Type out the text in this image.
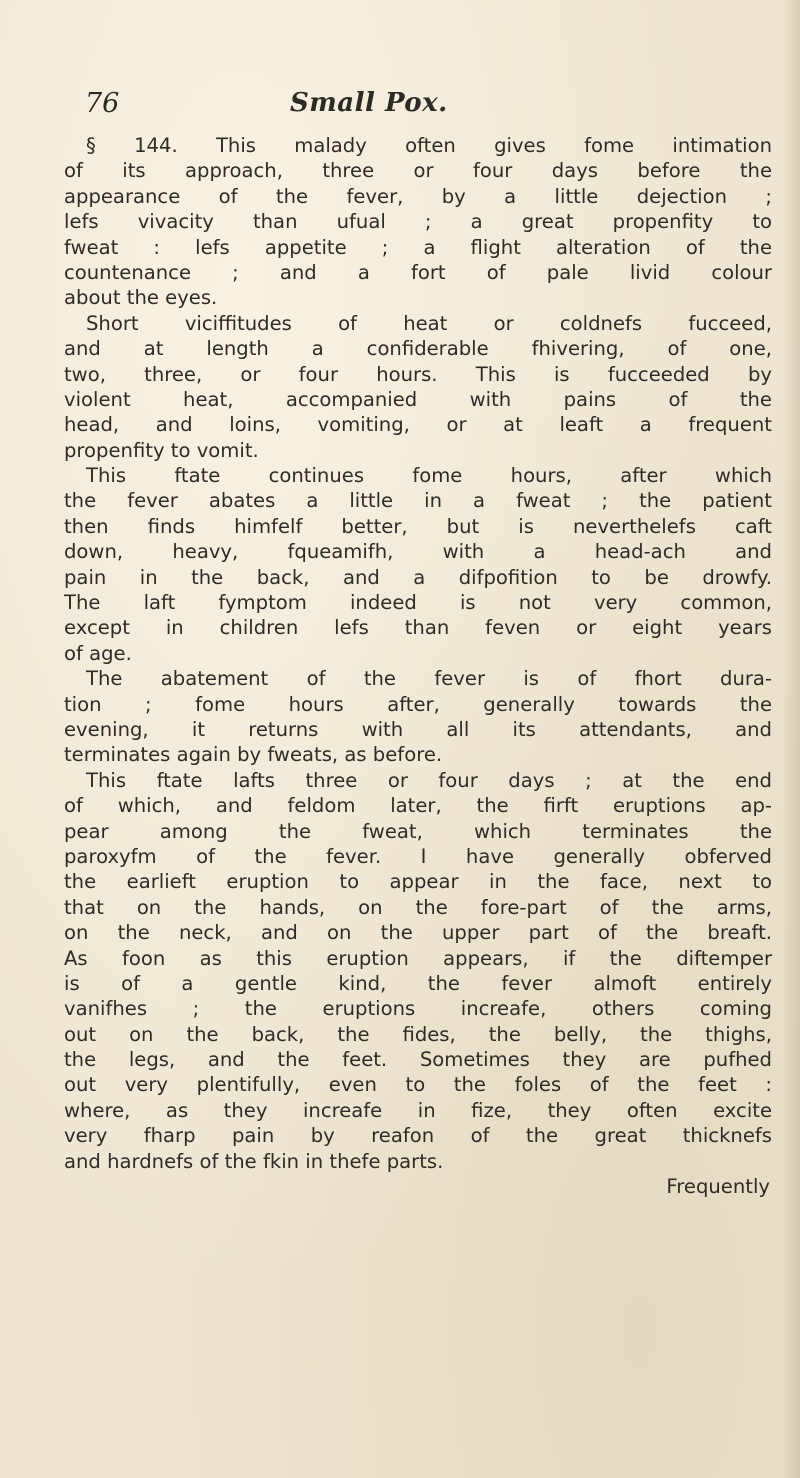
76	Small Pox.
§ 144. This malady often gives fome intimation
of its approach, three or four days before the
appearance of the fever, by a little dejection ;
lefs vivacity than ufual ; a great propenfity to
fweat : lefs appetite ; a flight alteration of the
countenance ; and a fort of pale livid colour
about the eyes.
Short viciffitudes of heat or coldnefs fucceed,
and at length a confiderable fhivering, of one,
two, three, or four hours. This is fucceeded by
violent heat, accompanied with pains of the
head, and loins, vomiting, or at leaft a frequent
propenfity to vomit.
This ftate continues fome hours, after which
the fever abates a little in a fweat ; the patient
then finds himfelf better, but is neverthelefs caft
down, heavy, fqueamifh, with a head-ach and
pain in the back, and a difpofition to be drowfy.
The laft fymptom indeed is not very common,
except in children lefs than feven or eight years
of age.
The abatement of the fever is of fhort dura-
tion ; fome hours after, generally towards the
evening, it returns with all its attendants, and
terminates again by fweats, as before.
This ftate lafts three or four days ; at the end
of which, and feldom later, the firft eruptions ap-
pear among the fweat, which terminates the
paroxyfm of the fever. I have generally obferved
the earlieft eruption to appear in the face, next to
that on the hands, on the fore-part of the arms,
on the neck, and on the upper part of the breaft.
As foon as this eruption appears, if the diftemper
is of a gentle kind, the fever almoft entirely
vanifhes ; the eruptions increafe, others coming
out on the back, the fides, the belly, the thighs,
the legs, and the feet. Sometimes they are pufhed
out very plentifully, even to the foles of the feet :
where, as they increafe in fize, they often excite
very fharp pain by reafon of the great thicknefs
and hardnefs of the fkin in thefe parts.
Frequently
